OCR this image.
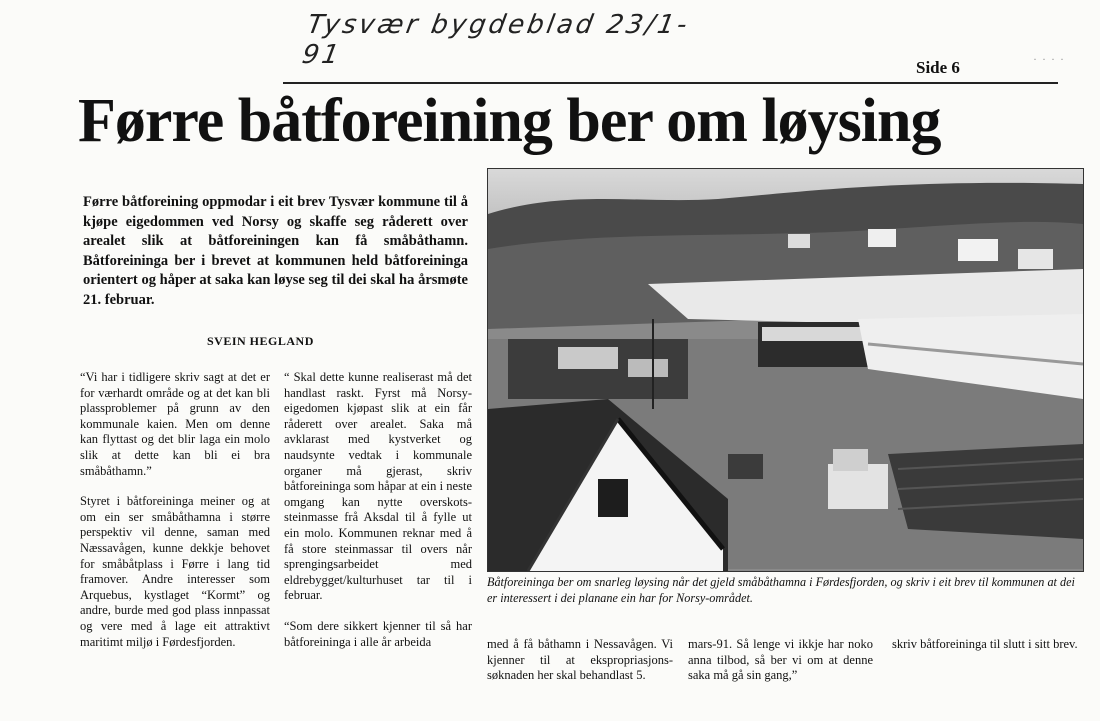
Tysvær bygdeblad 23/1-91	Side 6	· · · ·
Førre båtforeining ber om løysing
Førre båtforeining oppmodar i eit brev Tysvær kommune til å kjøpe eigedommen ved Norsy og skaffe seg råderett over arealet slik at båtforeiningen kan få småbåthamn. Båtforeininga ber i brevet at kommunen held båtforeininga orientert og håper at saka kan løyse seg til dei skal ha årsmøte 21. februar.
SVEIN HEGLAND

“Vi har i tidligere skriv sagt at det er for værhardt område og at det kan bli plassproblemer på grunn av den kommunale kaien. Men om denne kan flyttast og det blir laga ein molo slik at dette kan bli ei bra småbåthamn.”

Styret i båtforeininga meiner og at om ein ser småbåthamna i større perspektiv vil denne, saman med Næssavågen, kunne dekkje behovet for småbåtplass i Førre i lang tid framover. Andre interesser som Arquebus, kystlaget “Kormt” og andre, burde med god plass innpassat og vere med å lage eit attraktivt maritimt miljø i Førdesfjorden.

“ Skal dette kunne realiserast må det handlast raskt. Fyrst må Norsy-eigedomen kjøpast slik at ein får råderett over arealet. Saka må avklarast med kystverket og naudsynte vedtak i kommunale organer må gjerast, skriv båtforeininga som håpar at ein i neste omgang kan nytte overskots-steinmasse frå Aksdal til å fylle ut ein molo. Kommunen reknar med å få store steinmassar til overs når sprengingsarbeidet med eldrebygget/kulturhuset tar til i februar.

“Som dere sikkert kjenner til så har båtforeininga i alle år arbeida

Båtforeininga ber om snarleg løysing når det gjeld småbåthamna i Førdesfjorden, og skriv i eit brev til kommunen at dei er interessert i dei planane ein har for Norsy-området.

med å få båthamn i Nessavågen. Vi kjenner til at ekspropriasjons-søknaden her skal behandlast 5.

mars-91. Så lenge vi ikkje har noko anna tilbod, så ber vi om at denne saka må gå sin gang,”

skriv båtforeininga til slutt i sitt brev.
